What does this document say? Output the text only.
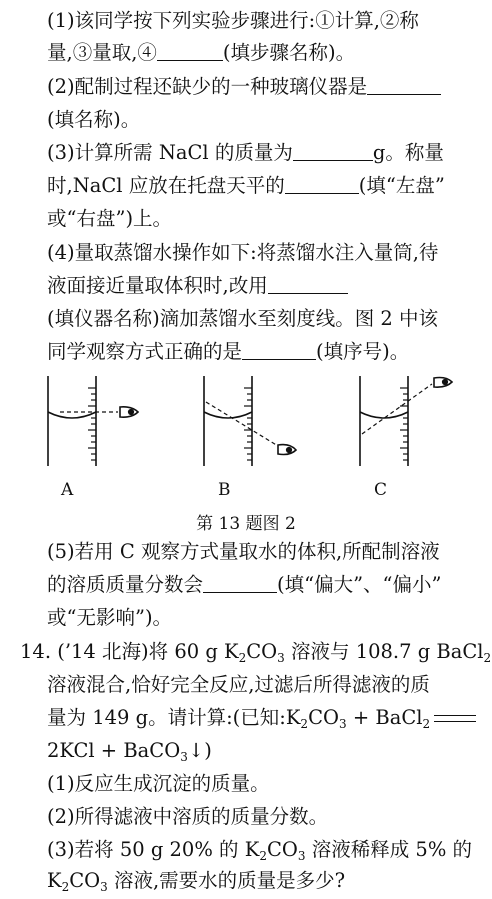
(1)该同学按下列实验步骤进行:①计算,②称
量,③量取,④	(填步骤名称)。
(2)配制过程还缺少的一种玻璃仪器是
(填名称)。
(3)计算所需 NaCl 的质量为	g。称量
时,NaCl 应放在托盘天平的	(填“左盘”
或“右盘”)上。
(4)量取蒸馏水操作如下:将蒸馏水注入量筒,待
液面接近量取体积时,改用
(填仪器名称)滴加蒸馏水至刻度线。图 2 中该
同学观察方式正确的是	(填序号)。
A	B	C
第 13 题图 2
(5)若用 C 观察方式量取水的体积,所配制溶液
的溶质质量分数会	(填“偏大”、“偏小”
或“无影响”)。
14. (’14 北海)将 60 g $K_2CO_3$ 溶液与 108.7 g BaCl$_2$
溶液混合,恰好完全反应,过滤后所得滤液的质
量为 149 g。请计算:(已知$:K_2CO_3$ + BaCl$_2$
2KCl + BaCO$_3$↓)
(1)反应生成沉淀的质量。
(2)所得滤液中溶质的质量分数。
(3)若将 50 g 20% 的 $K_2CO_3$ 溶液稀释成 5% 的
$K_2CO_3$ 溶液,需要水的质量是多少?
